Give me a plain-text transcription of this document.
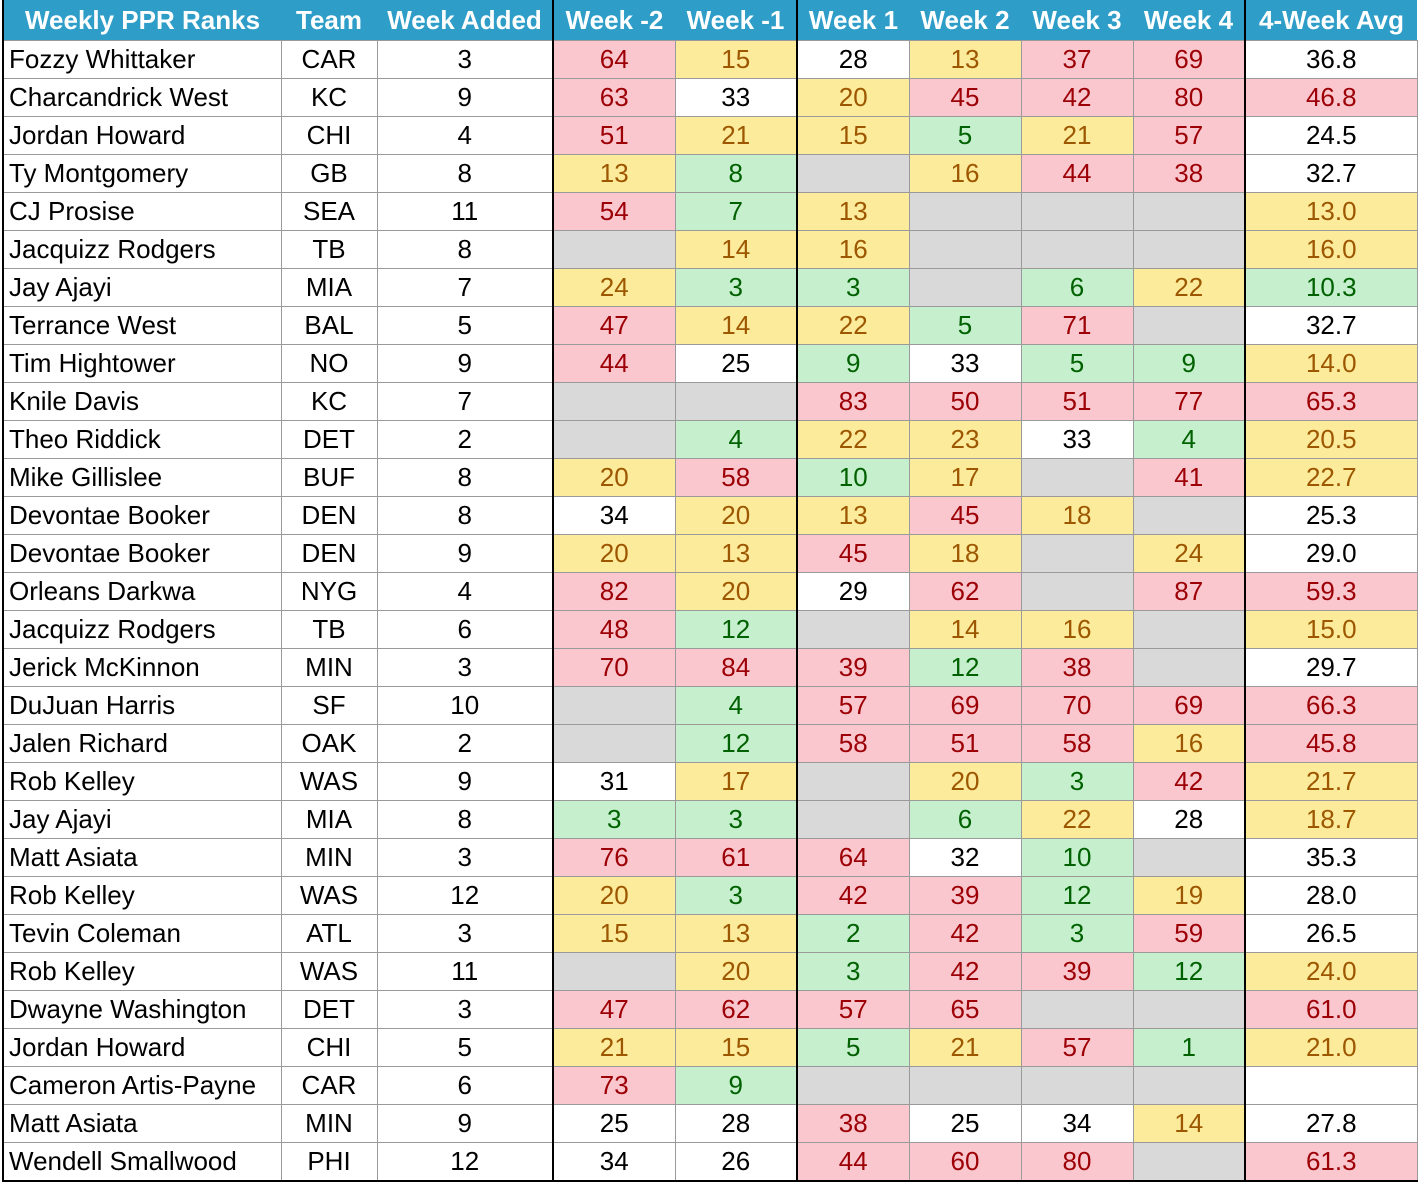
Weekly PPR Ranks	Team	Week Added	Week -2	Week -1	Week 1	Week 2	Week 3	Week 4	4-Week Avg
Fozzy Whittaker	CAR	3	64	15	28	13	37	69	36.8
Charcandrick West	KC	9	63	33	20	45	42	80	46.8
Jordan Howard	CHI	4	51	21	15	5	21	57	24.5
Ty Montgomery	GB	8	13	8		16	44	38	32.7
CJ Prosise	SEA	11	54	7	13				13.0
Jacquizz Rodgers	TB	8		14	16				16.0
Jay Ajayi	MIA	7	24	3	3		6	22	10.3
Terrance West	BAL	5	47	14	22	5	71		32.7
Tim Hightower	NO	9	44	25	9	33	5	9	14.0
Knile Davis	KC	7			83	50	51	77	65.3
Theo Riddick	DET	2		4	22	23	33	4	20.5
Mike Gillislee	BUF	8	20	58	10	17		41	22.7
Devontae Booker	DEN	8	34	20	13	45	18		25.3
Devontae Booker	DEN	9	20	13	45	18		24	29.0
Orleans Darkwa	NYG	4	82	20	29	62		87	59.3
Jacquizz Rodgers	TB	6	48	12		14	16		15.0
Jerick McKinnon	MIN	3	70	84	39	12	38		29.7
DuJuan Harris	SF	10		4	57	69	70	69	66.3
Jalen Richard	OAK	2		12	58	51	58	16	45.8
Rob Kelley	WAS	9	31	17		20	3	42	21.7
Jay Ajayi	MIA	8	3	3		6	22	28	18.7
Matt Asiata	MIN	3	76	61	64	32	10		35.3
Rob Kelley	WAS	12	20	3	42	39	12	19	28.0
Tevin Coleman	ATL	3	15	13	2	42	3	59	26.5
Rob Kelley	WAS	11		20	3	42	39	12	24.0
Dwayne Washington	DET	3	47	62	57	65			61.0
Jordan Howard	CHI	5	21	15	5	21	57	1	21.0
Cameron Artis-Payne	CAR	6	73	9					
Matt Asiata	MIN	9	25	28	38	25	34	14	27.8
Wendell Smallwood	PHI	12	34	26	44	60	80		61.3
